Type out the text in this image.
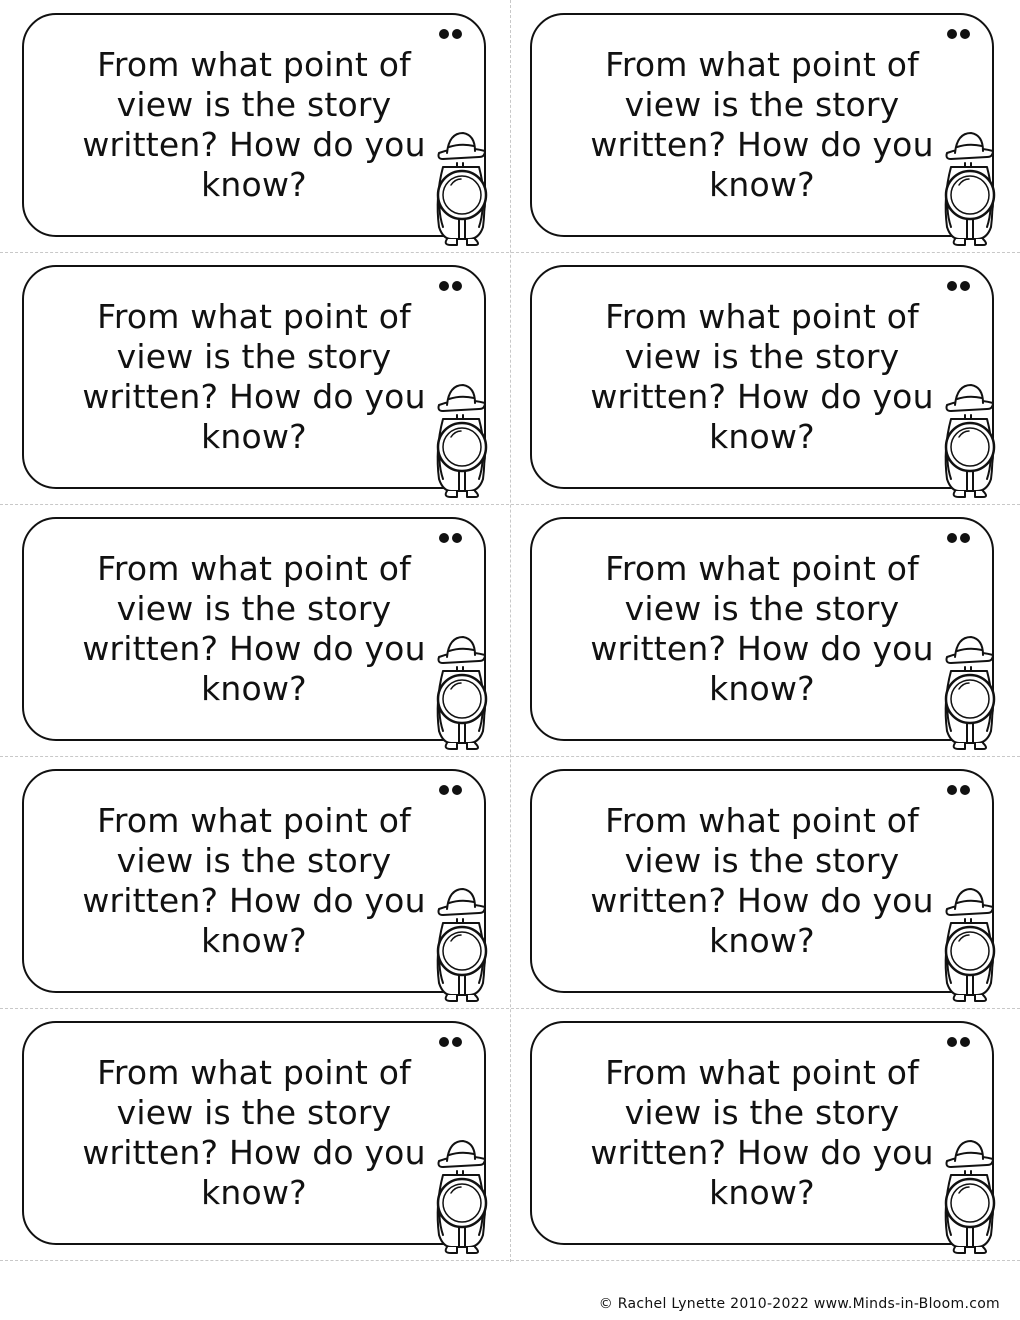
From what point of view is the story written? How do you know?

From what point of view is the story written? How do you know?

From what point of view is the story written? How do you know?

From what point of view is the story written? How do you know?

From what point of view is the story written? How do you know?

From what point of view is the story written? How do you know?

From what point of view is the story written? How do you know?

From what point of view is the story written? How do you know?

From what point of view is the story written? How do you know?

From what point of view is the story written? How do you know?

© Rachel Lynette 2010-2022 www.Minds-in-Bloom.com
